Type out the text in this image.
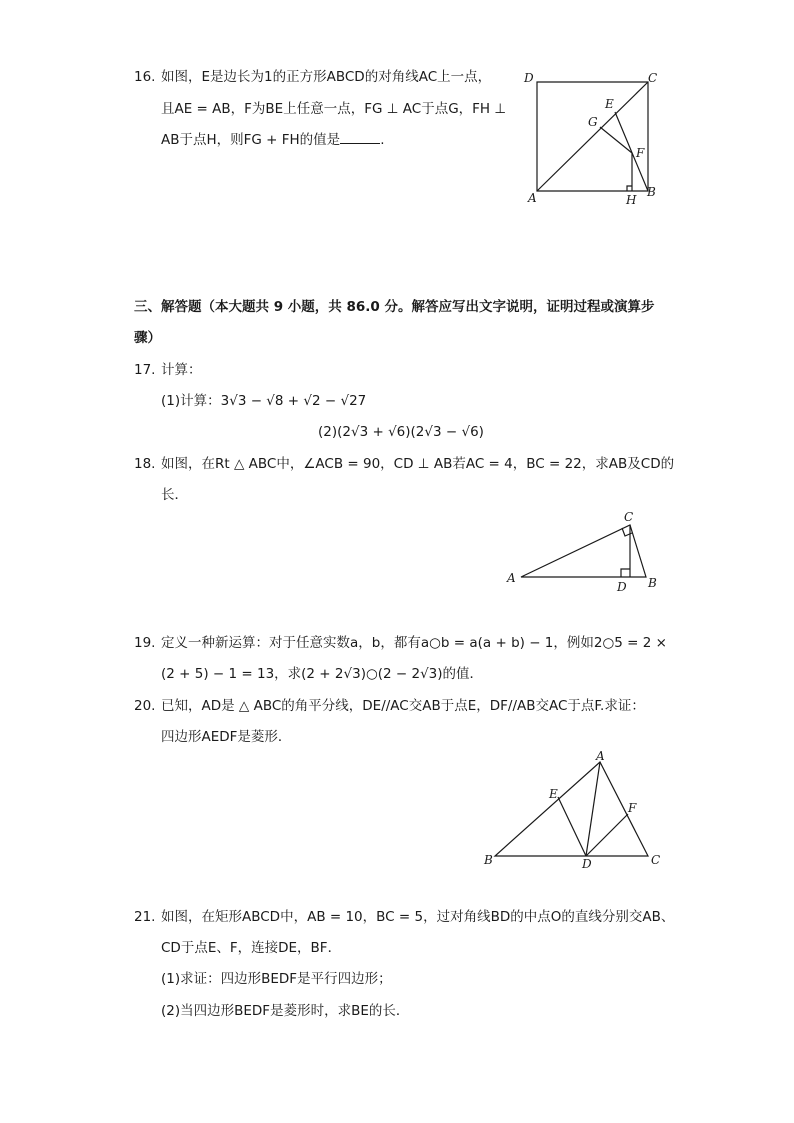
16. 如图，E是边长为1的正方形ABCD的对角线AC上一点，
且AE = AB，F为BE上任意一点，FG ⊥ AC于点G，FH ⊥
AB于点H，则FG + FH的值是	.
D	C
E
G
F
A	H
B
三、解答题（本大题共 9 小题，共 86.0 分。解答应写出文字说明，证明过程或演算步
骤）
17. 计算：
(1)计算：3√3 − √8 + √2 − √27
(2)(2√3 + √6)(2√3 − √6)
18. 如图，在Rt △ ABC中，∠ACB = 90，CD ⊥ AB若AC = 4，BC = 22，求AB及CD的
长．
C
A
D B
19. 定义一种新运算：对于任意实数a，b，都有a○b = a(a + b) − 1，例如2○5 = 2 ×
(2 + 5) − 1 = 13，求(2 + 2√3)○(2 − 2√3)的值．
20. 已知，AD是 △ ABC的角平分线，DE//AC交AB于点E，DF//AB交AC于点F.求证：
四边形AEDF是菱形．
A
E
F
B	D	C
21. 如图，在矩形ABCD中，AB = 10，BC = 5，过对角线BD的中点O的直线分别交AB、
CD于点E、F，连接DE，BF．
(1)求证：四边形BEDF是平行四边形；
(2)当四边形BEDF是菱形时，求BE的长．
